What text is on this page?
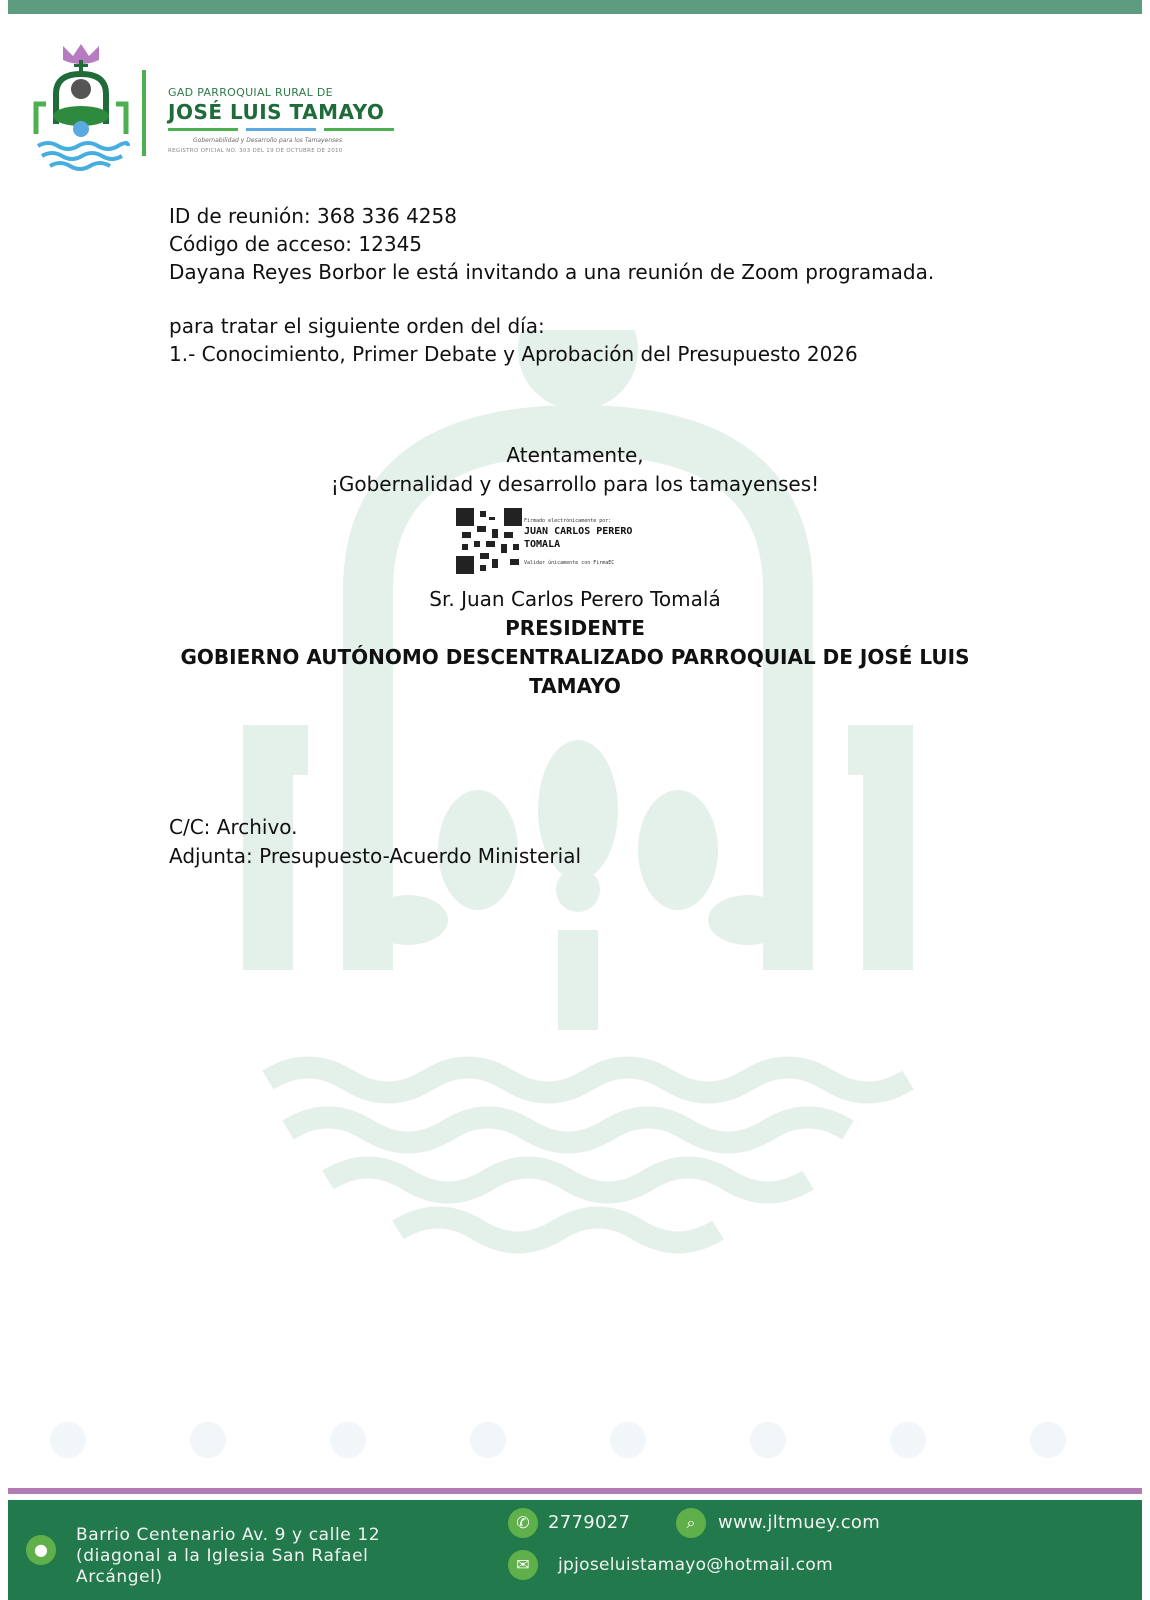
GAD PARROQUIAL RURAL DE
JOSÉ LUIS TAMAYO
Gobernabilidad y Desarrollo para los Tamayenses
REGISTRO OFICIAL NO. 303 DEL 19 DE OCTUBRE DE 2010

ID de reunión: 368 336 4258

Código de acceso: 12345

Dayana Reyes Borbor le está invitando a una reunión de Zoom programada.

para tratar el siguiente orden del día:

1.- Conocimiento, Primer Debate y Aprobación del Presupuesto 2026

Atentamente,
¡Gobernalidad y desarrollo para los tamayenses!
Firmado electrónicamente por:
JUAN CARLOS PERERO
TOMALA
Validar únicamente con FirmaEC
Sr. Juan Carlos Perero Tomalá
PRESIDENTE
GOBIERNO AUTÓNOMO DESCENTRALIZADO PARROQUIAL DE JOSÉ LUIS
TAMAYO
C/C: Archivo.
Adjunta: Presupuesto-Acuerdo Ministerial
●
Barrio Centenario Av. 9 y calle 12
(diagonal a la Iglesia San Rafael
Arcángel)
✆	2779027	⌕	www.jltmuey.com
✉	jpjoseluistamayo@hotmail.com
